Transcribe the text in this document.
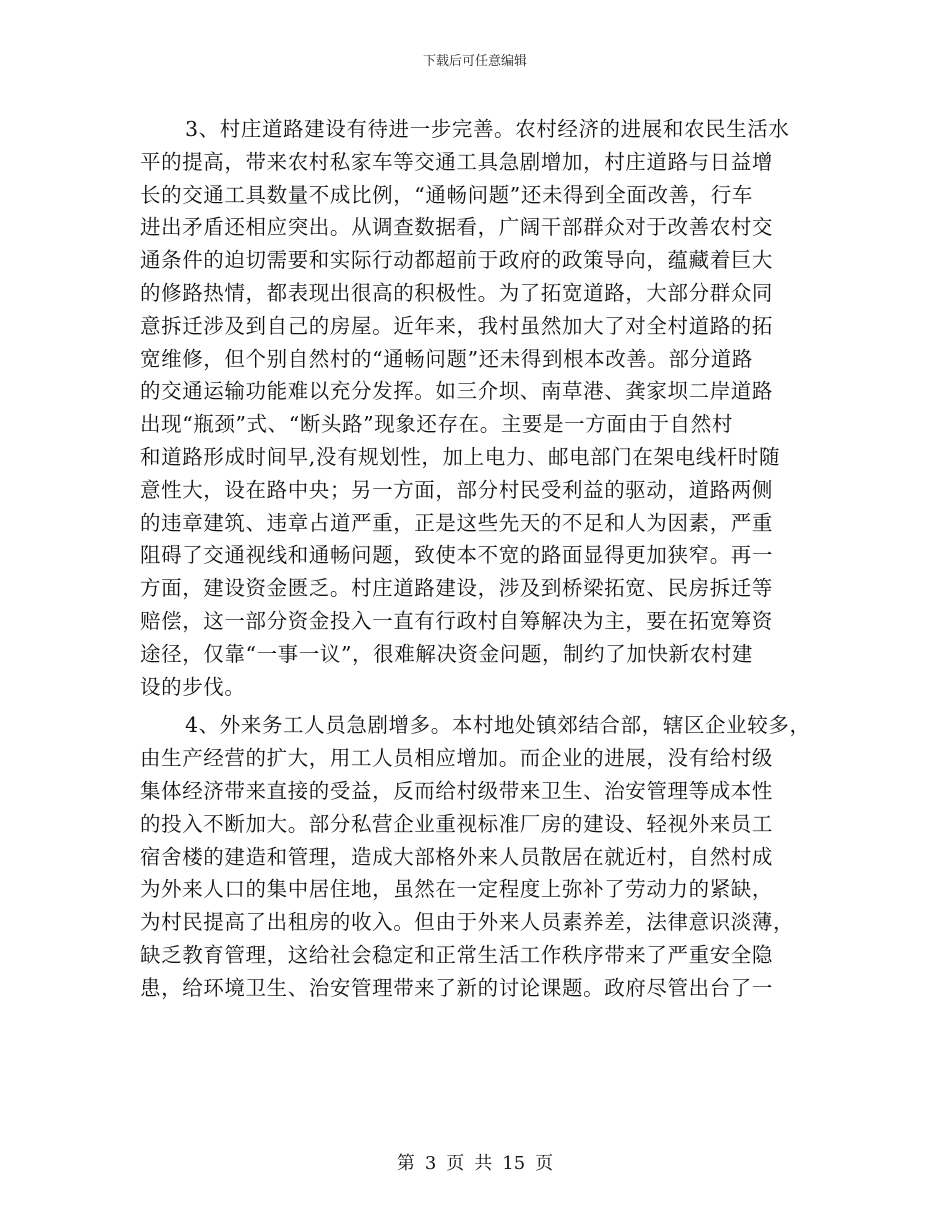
下载后可任意编辑
3、村庄道路建设有待进一步完善。农村经济的进展和农民生活水
平的提高，带来农村私家车等交通工具急剧增加，村庄道路与日益增
长的交通工具数量不成比例，“通畅问题”还未得到全面改善，行车
进出矛盾还相应突出。从调查数据看，广阔干部群众对于改善农村交
通条件的迫切需要和实际行动都超前于政府的政策导向，蕴藏着巨大
的修路热情，都表现出很高的积极性。为了拓宽道路，大部分群众同
意拆迁涉及到自己的房屋。近年来，我村虽然加大了对全村道路的拓
宽维修，但个别自然村的“通畅问题”还未得到根本改善。部分道路
的交通运输功能难以充分发挥。如三介坝、南草港、龚家坝二岸道路
出现“瓶颈”式、“断头路”现象还存在。主要是一方面由于自然村
和道路形成时间早,没有规划性，加上电力、邮电部门在架电线杆时随
意性大，设在路中央；另一方面，部分村民受利益的驱动，道路两侧
的违章建筑、违章占道严重，正是这些先天的不足和人为因素，严重
阻碍了交通视线和通畅问题，致使本不宽的路面显得更加狭窄。再一
方面，建设资金匮乏。村庄道路建设，涉及到桥梁拓宽、民房拆迁等
赔偿，这一部分资金投入一直有行政村自筹解决为主，要在拓宽筹资
途径，仅靠“一事一议”，很难解决资金问题，制约了加快新农村建
设的步伐。
4、外来务工人员急剧增多。本村地处镇郊结合部，辖区企业较多，
由生产经营的扩大，用工人员相应增加。而企业的进展，没有给村级
集体经济带来直接的受益，反而给村级带来卫生、治安管理等成本性
的投入不断加大。部分私营企业重视标准厂房的建设、轻视外来员工
宿舍楼的建造和管理，造成大部格外来人员散居在就近村，自然村成
为外来人口的集中居住地，虽然在一定程度上弥补了劳动力的紧缺，
为村民提高了出租房的收入。但由于外来人员素养差，法律意识淡薄，
缺乏教育管理，这给社会稳定和正常生活工作秩序带来了严重安全隐
患，给环境卫生、治安管理带来了新的讨论课题。政府尽管出台了一
第 3 页 共 15 页
